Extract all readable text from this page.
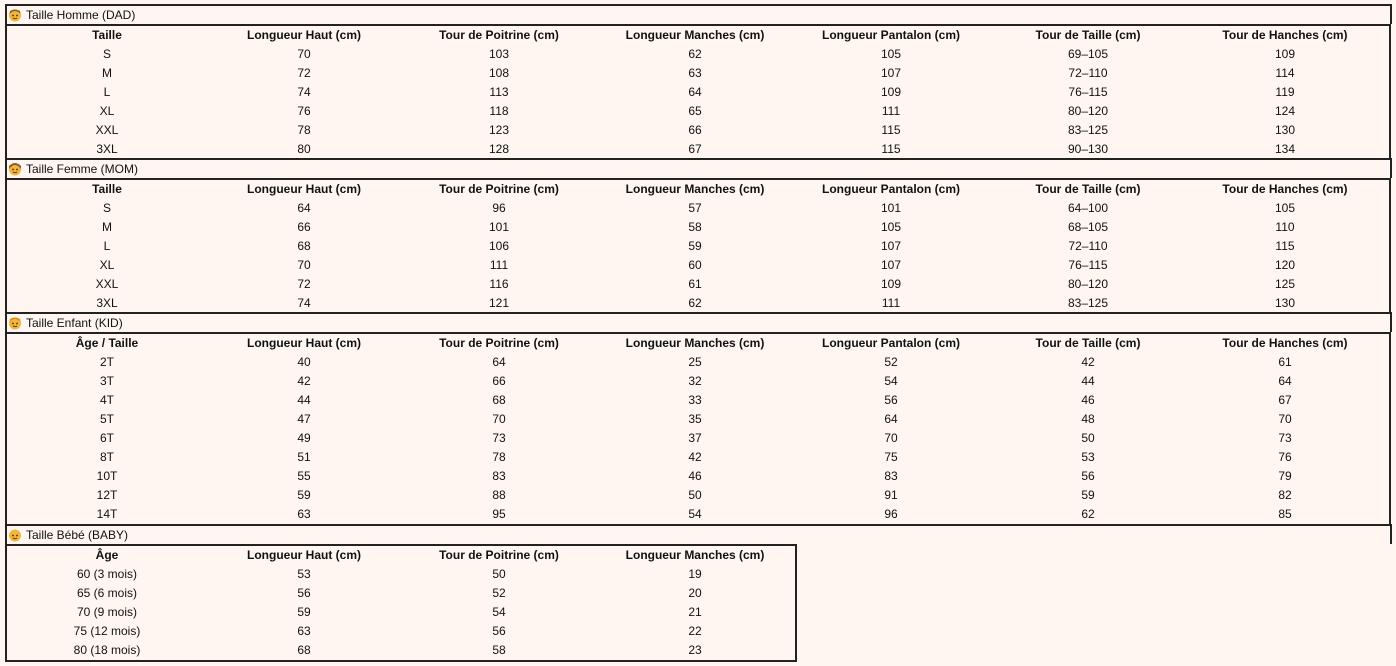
Taille Homme (DAD)
Taille	Longueur Haut (cm)	Tour de Poitrine (cm)	Longueur Manches (cm)	Longueur Pantalon (cm)	Tour de Taille (cm)	Tour de Hanches (cm)
S	70	103	62	105	69–105	109
M	72	108	63	107	72–110	114
L	74	113	64	109	76–115	119
XL	76	118	65	111	80–120	124
XXL	78	123	66	115	83–125	130
3XL	80	128	67	115	90–130	134
Taille Femme (MOM)
Taille	Longueur Haut (cm)	Tour de Poitrine (cm)	Longueur Manches (cm)	Longueur Pantalon (cm)	Tour de Taille (cm)	Tour de Hanches (cm)
S	64	96	57	101	64–100	105
M	66	101	58	105	68–105	110
L	68	106	59	107	72–110	115
XL	70	111	60	107	76–115	120
XXL	72	116	61	109	80–120	125
3XL	74	121	62	111	83–125	130
Taille Enfant (KID)
Âge / Taille	Longueur Haut (cm)	Tour de Poitrine (cm)	Longueur Manches (cm)	Longueur Pantalon (cm)	Tour de Taille (cm)	Tour de Hanches (cm)
2T	40	64	25	52	42	61
3T	42	66	32	54	44	64
4T	44	68	33	56	46	67
5T	47	70	35	64	48	70
6T	49	73	37	70	50	73
8T	51	78	42	75	53	76
10T	55	83	46	83	56	79
12T	59	88	50	91	59	82
14T	63	95	54	96	62	85
Taille Bébé (BABY)
Âge	Longueur Haut (cm)	Tour de Poitrine (cm)	Longueur Manches (cm)
60 (3 mois)	53	50	19
65 (6 mois)	56	52	20
70 (9 mois)	59	54	21
75 (12 mois)	63	56	22
80 (18 mois)	68	58	23
